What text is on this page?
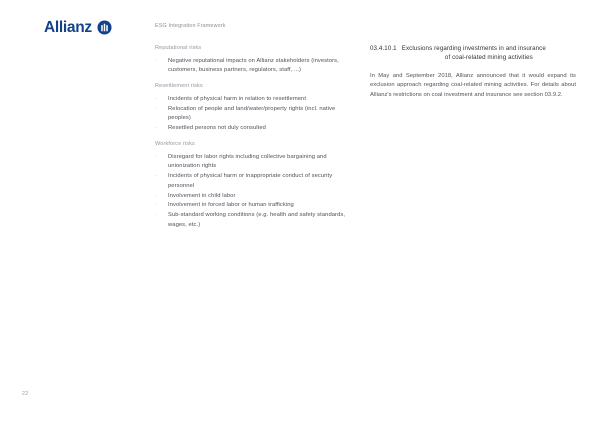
Allianz	ESG Integration Framework
Reputational risks
·	Negative reputational impacts on Allianz stakeholders (investors, customers, business partners, regulators, staff, ...)
Resettlement risks
·	Incidents of physical harm in relation to resettlement
·	Relocation of people and land/water/property rights (incl. native peoples)
·	Resettled persons not duly consulted
Workforce risks
·	Disregard for labor rights including collective bargaining and unionization rights
·	Incidents of physical harm or inappropriate conduct of security personnel
·	Involvement in child labor
·	Involvement in forced labor or human trafficking
·	Sub-standard working conditions (e.g. health and safety standards, wages, etc.)
03.4.10.1 Exclusions regarding investments in and insurance
of coal-related mining activities

In May and September 2018, Allianz announced that it would expand its exclusion approach regarding coal-related mining activities. For details about Allianz's restrictions on coal investment and insurance see section 03.9.2.

22
